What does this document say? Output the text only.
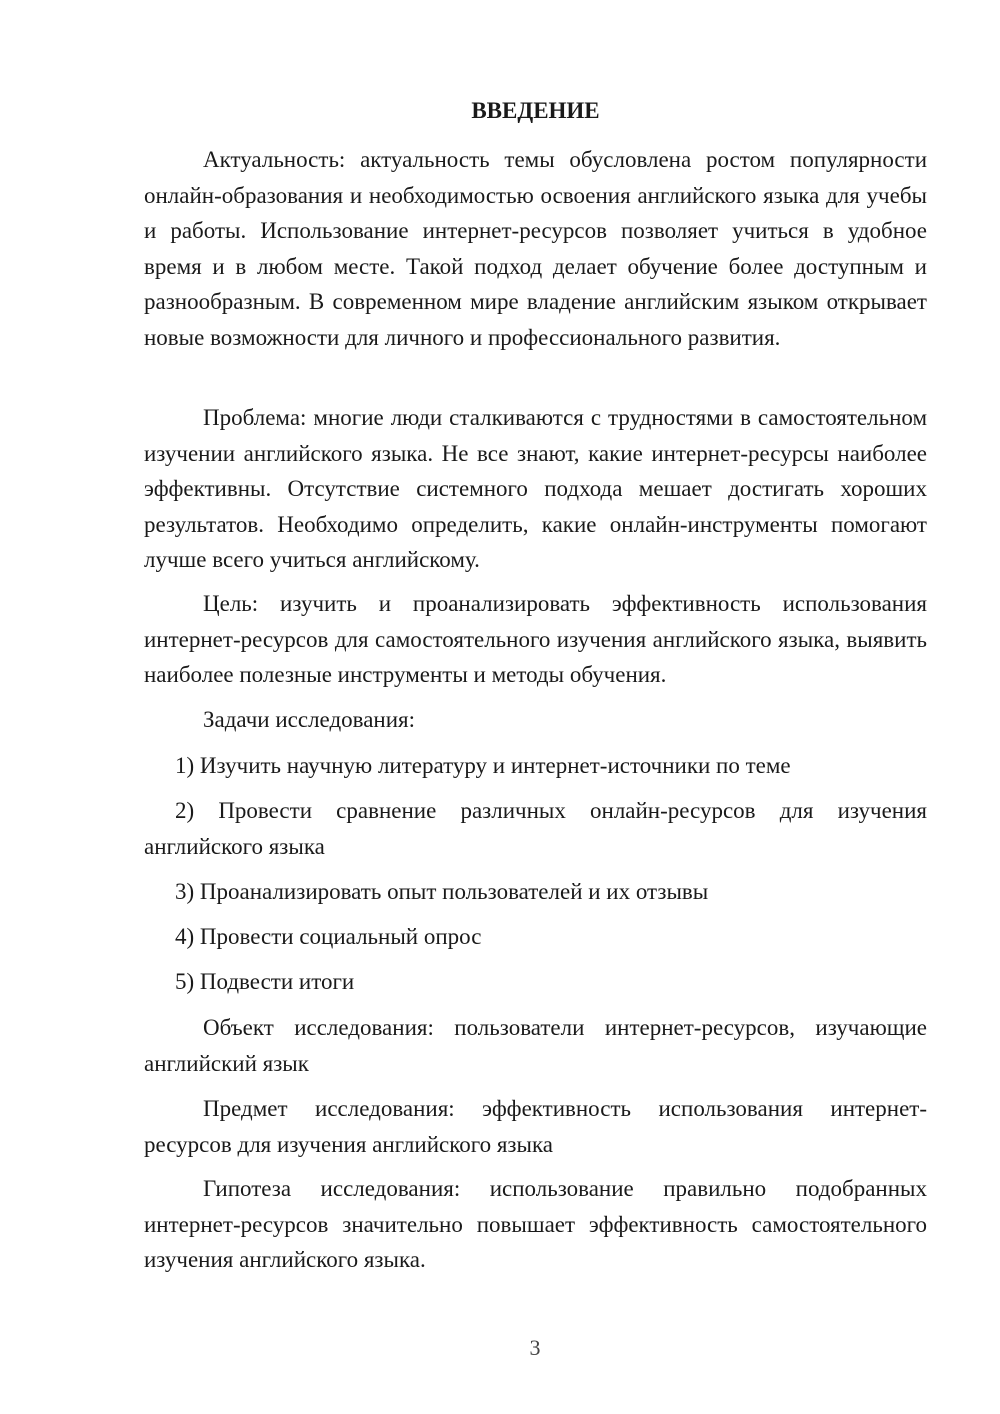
ВВЕДЕНИЕ

Актуальность: актуальность темы обусловлена ростом популярности онлайн-образования и необходимостью освоения английского языка для учебы и работы. Использование интернет-ресурсов позволяет учиться в удобное время и в любом месте. Такой подход делает обучение более доступным и разнообразным. В современном мире владение английским языком открывает новые возможности для личного и профессионального развития.

Проблема: многие люди сталкиваются с трудностями в самостоятельном изучении английского языка. Не все знают, какие интернет-ресурсы наиболее эффективны. Отсутствие системного подхода мешает достигать хороших результатов. Необходимо определить, какие онлайн-инструменты помогают лучше всего учиться английскому.

Цель: изучить и проанализировать эффективность использования интернет-ресурсов для самостоятельного изучения английского языка, выявить наиболее полезные инструменты и методы обучения.

Задачи исследования:

1) Изучить научную литературу и интернет-источники по теме

2) Провести сравнение различных онлайн-ресурсов для изучения английского языка

3) Проанализировать опыт пользователей и их отзывы

4) Провести социальный опрос

5) Подвести итоги

Объект исследования: пользователи интернет-ресурсов, изучающие английский язык

Предмет исследования: эффективность использования интернет-ресурсов для изучения английского языка

Гипотеза исследования: использование правильно подобранных интернет-ресурсов значительно повышает эффективность самостоятельного изучения английского языка.

3
